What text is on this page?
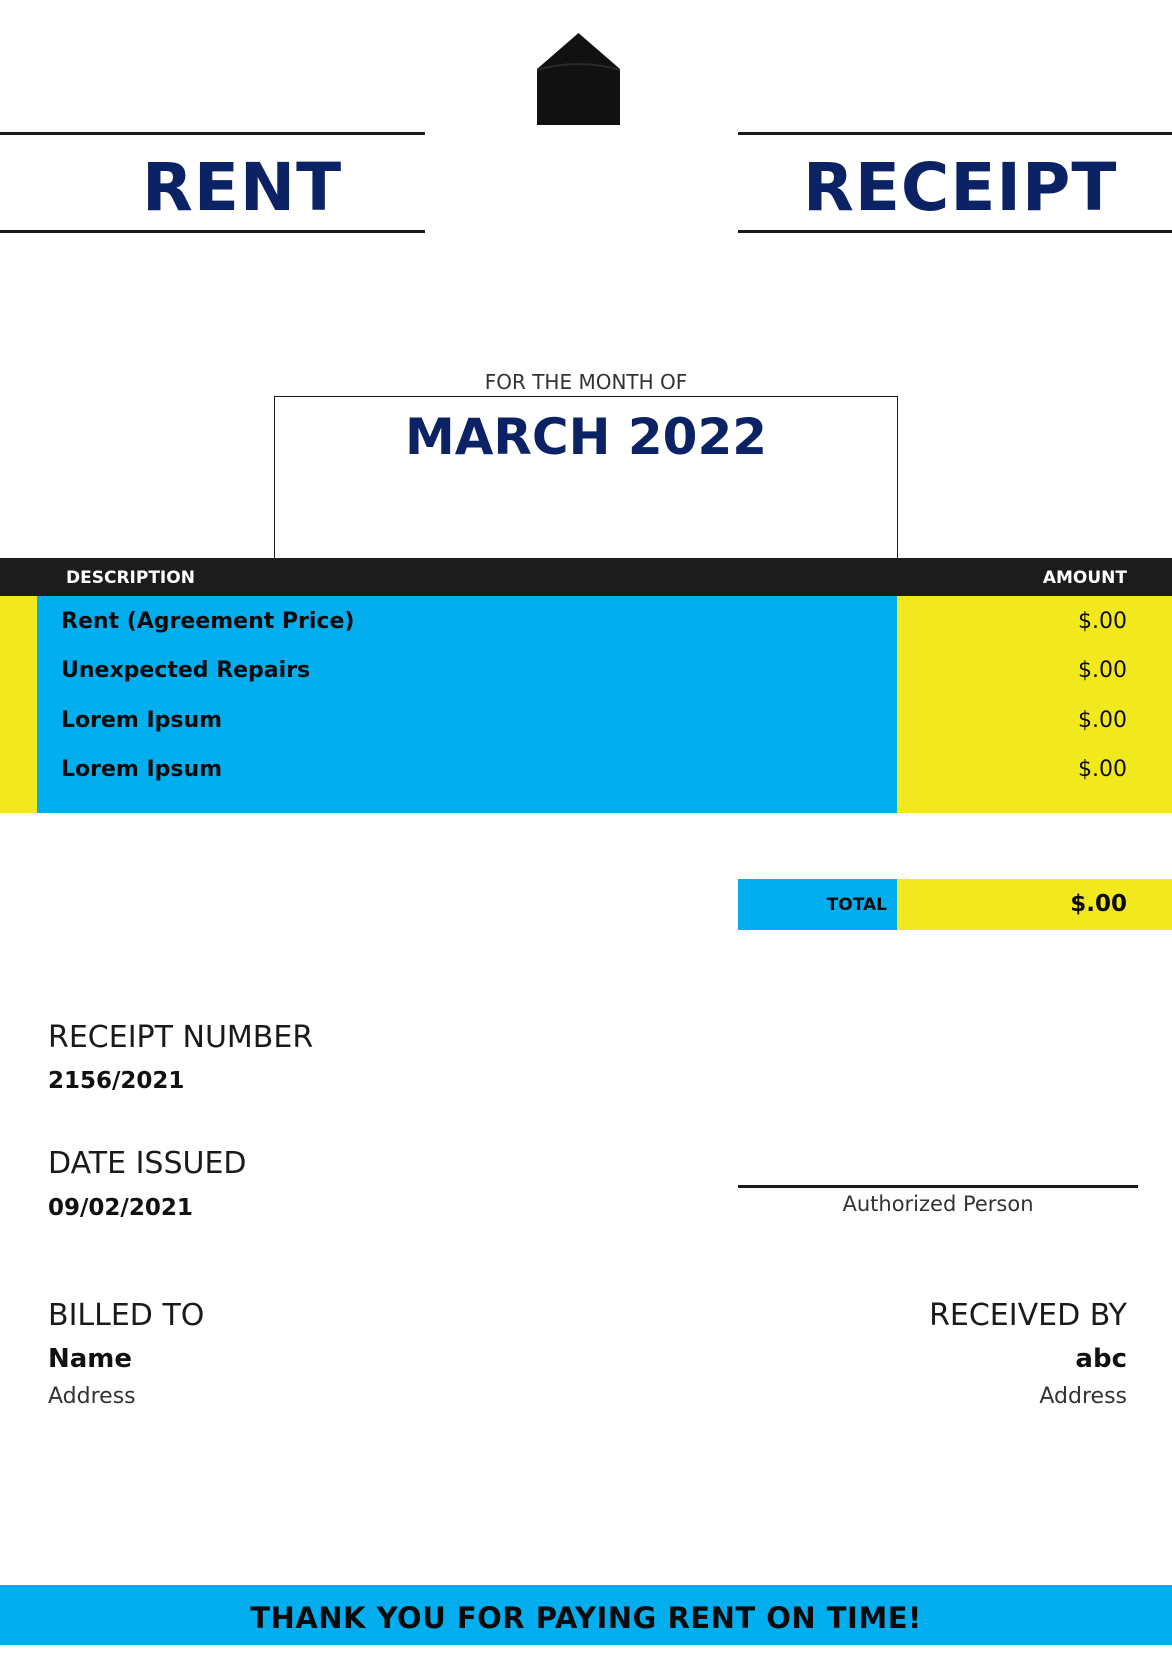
RENT	RECEIPT
FOR THE MONTH OF
MARCH 2022
DESCRIPTION	AMOUNT
Rent (Agreement Price)	$.00
Unexpected Repairs	$.00
Lorem Ipsum	$.00
Lorem Ipsum	$.00
TOTAL	$.00
RECEIPT NUMBER
2156/2021
DATE ISSUED
09/02/2021	Authorized Person
BILLED TO
Name
Address
RECEIVED BY
abc
Address
THANK YOU FOR PAYING RENT ON TIME!
